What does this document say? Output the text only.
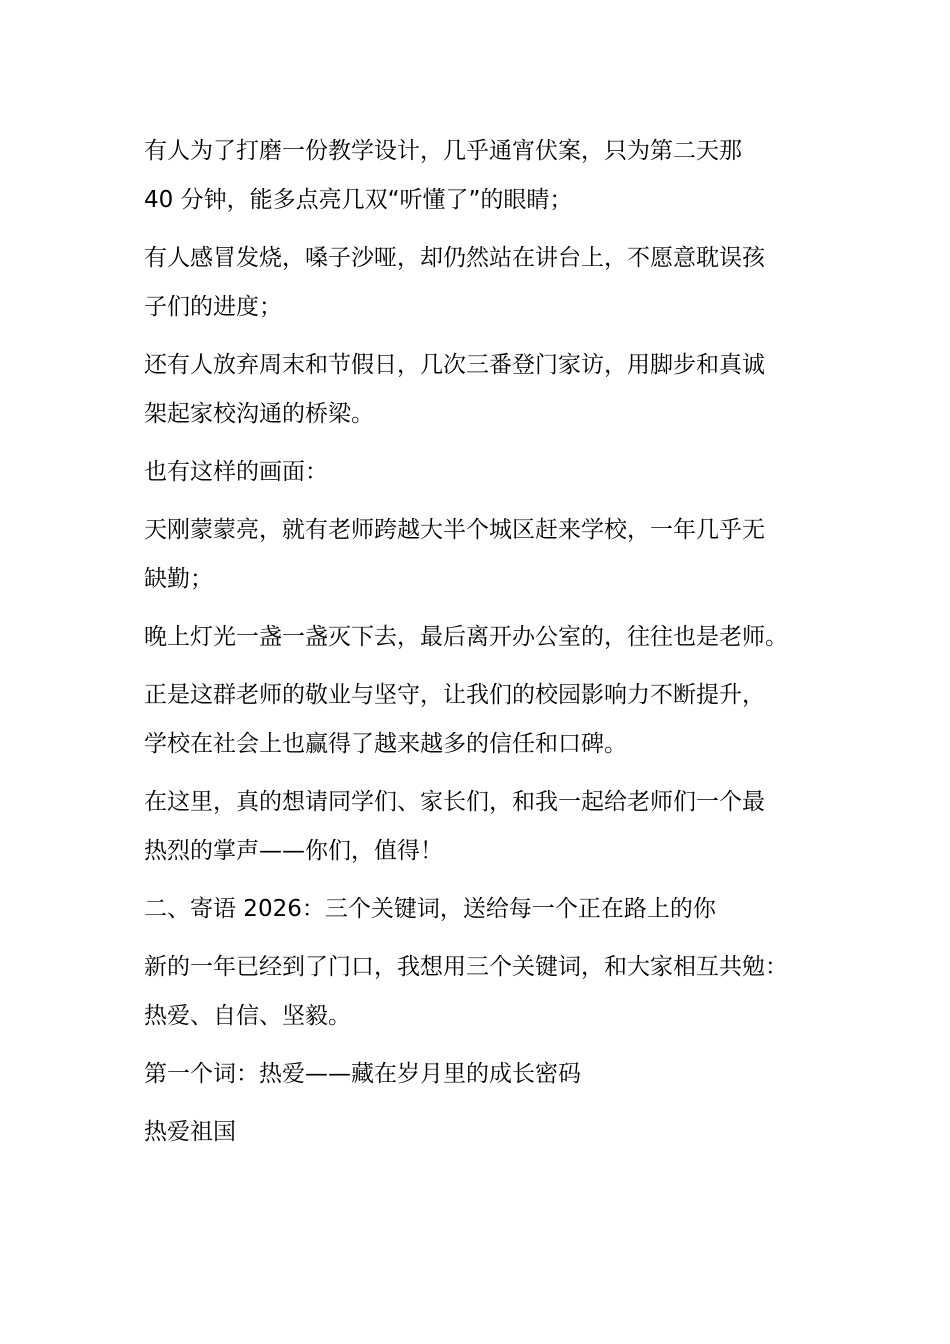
有人为了打磨一份教学设计，几乎通宵伏案，只为第二天那
40 分钟，能多点亮几双“听懂了”的眼睛；

有人感冒发烧，嗓子沙哑，却仍然站在讲台上，不愿意耽误孩
子们的进度；

还有人放弃周末和节假日，几次三番登门家访，用脚步和真诚
架起家校沟通的桥梁。

也有这样的画面：

天刚蒙蒙亮，就有老师跨越大半个城区赶来学校，一年几乎无
缺勤；

晚上灯光一盏一盏灭下去，最后离开办公室的，往往也是老师。

正是这群老师的敬业与坚守，让我们的校园影响力不断提升，
学校在社会上也赢得了越来越多的信任和口碑。

在这里，真的想请同学们、家长们，和我一起给老师们一个最
热烈的掌声——你们，值得！

二、寄语 2026：三个关键词，送给每一个正在路上的你

新的一年已经到了门口，我想用三个关键词，和大家相互共勉：
热爱、自信、坚毅。

第一个词：热爱——藏在岁月里的成长密码

热爱祖国
